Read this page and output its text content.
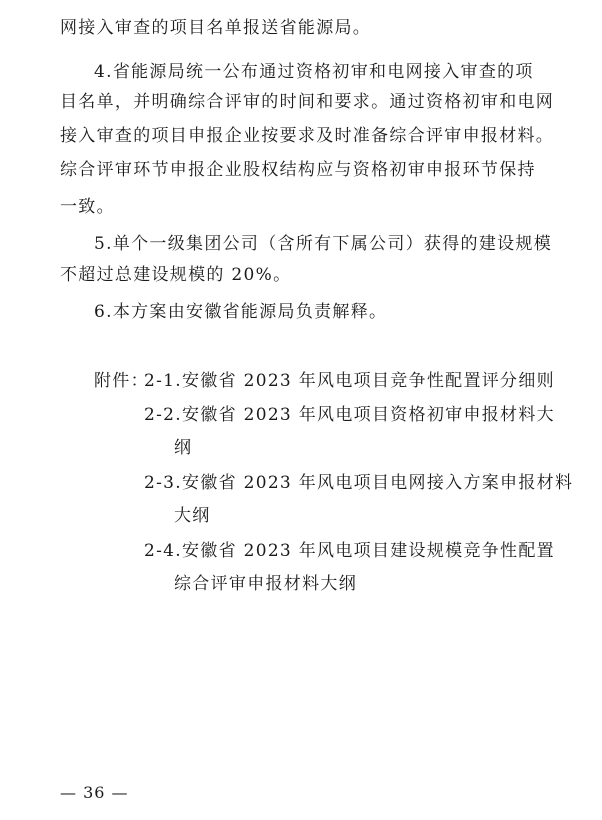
网接入审查的项目名单报送省能源局。
4.省能源局统一公布通过资格初审和电网接入审查的项
目名单，并明确综合评审的时间和要求。通过资格初审和电网
接入审查的项目申报企业按要求及时准备综合评审申报材料。
综合评审环节申报企业股权结构应与资格初审申报环节保持
一致。
5.单个一级集团公司（含所有下属公司）获得的建设规模
不超过总建设规模的 20%。
6.本方案由安徽省能源局负责解释。
附件：
2-1.安徽省 2023 年风电项目竞争性配置评分细则
2-2.安徽省 2023 年风电项目资格初审申报材料大
纲
2-3.安徽省 2023 年风电项目电网接入方案申报材料
大纲
2-4.安徽省 2023 年风电项目建设规模竞争性配置
综合评审申报材料大纲
— 36 —
